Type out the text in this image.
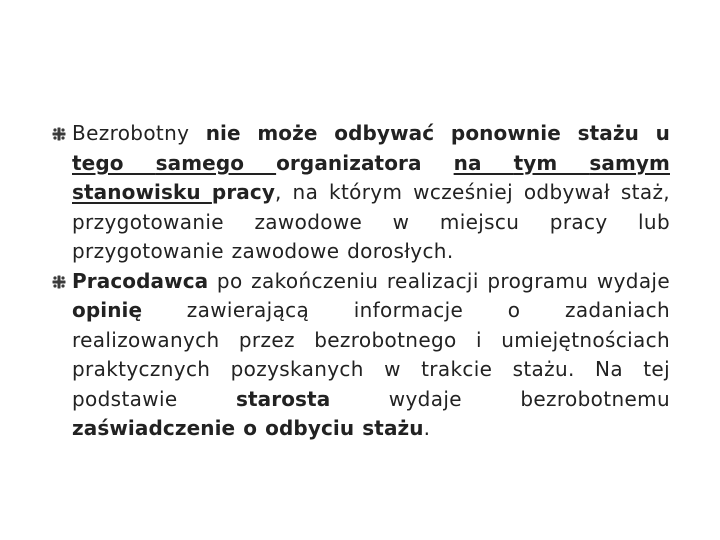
Bezrobotny nie może odbywać ponownie stażu u tego samego organizatora na tym samym stanowisku pracy, na którym wcześniej odbywał staż, przygotowanie zawodowe w miejscu pracy lub przygotowanie zawodowe dorosłych.
Pracodawca po zakończeniu realizacji programu wydaje opinię zawierającą informacje o zadaniach realizowanych przez bezrobotnego i umiejętnościach praktycznych pozyskanych w trakcie stażu. Na tej podstawie starosta wydaje bezrobotnemu zaświadczenie o odbyciu stażu.
